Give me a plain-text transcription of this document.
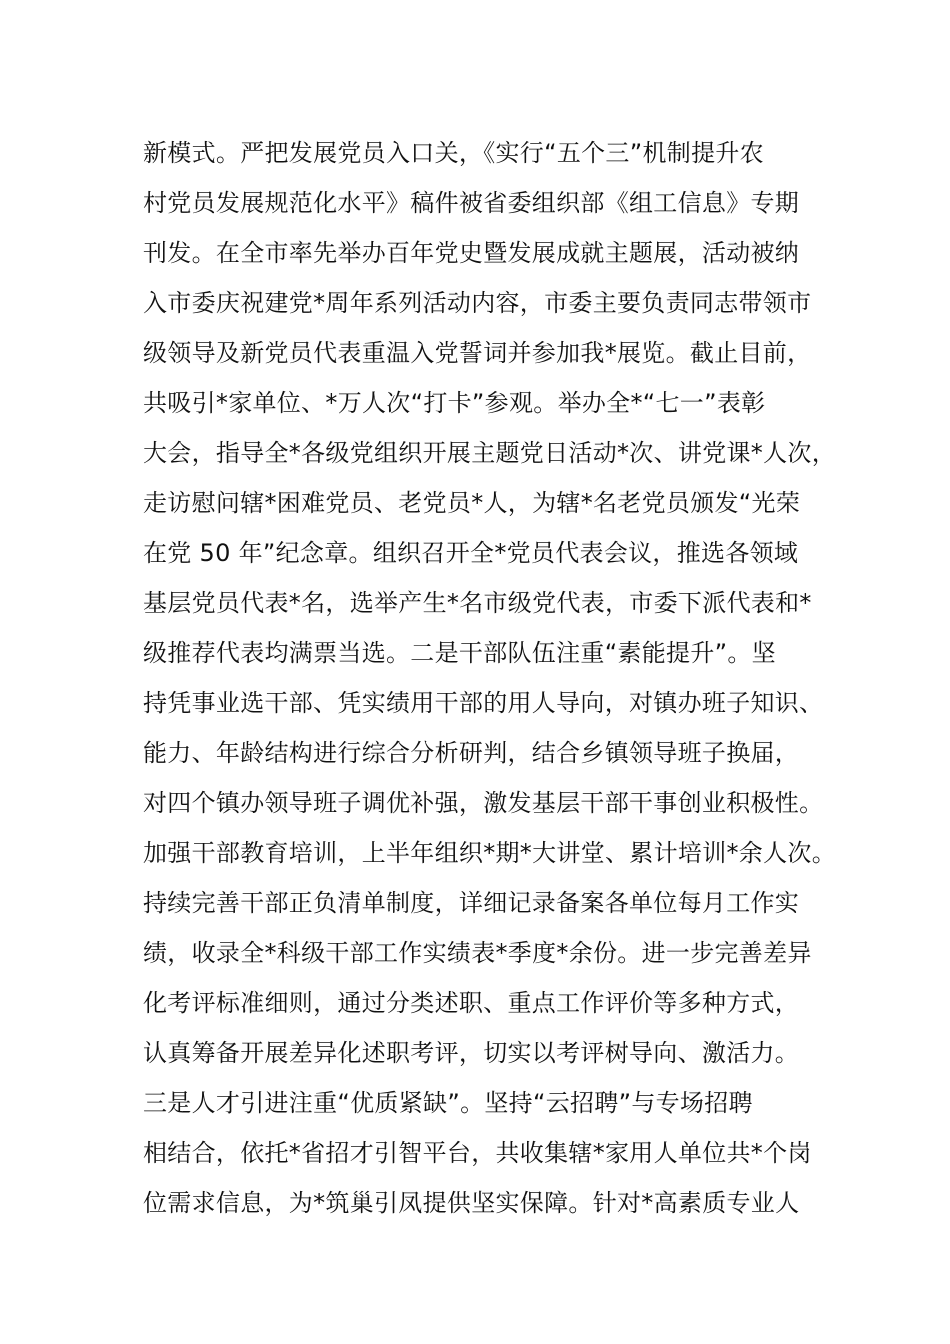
新模式。严把发展党员入口关，《实行“五个三”机制提升农
村党员发展规范化水平》稿件被省委组织部《组工信息》专期
刊发。在全市率先举办百年党史暨发展成就主题展，活动被纳
入市委庆祝建党*周年系列活动内容，市委主要负责同志带领市
级领导及新党员代表重温入党誓词并参加我*展览。截止目前，
共吸引*家单位、*万人次“打卡”参观。举办全*“七一”表彰
大会，指导全*各级党组织开展主题党日活动*次、讲党课*人次，
走访慰问辖*困难党员、老党员*人，为辖*名老党员颁发“光荣
在党 50 年”纪念章。组织召开全*党员代表会议，推选各领域
基层党员代表*名，选举产生*名市级党代表，市委下派代表和*
级推荐代表均满票当选。二是干部队伍注重“素能提升”。坚
持凭事业选干部、凭实绩用干部的用人导向，对镇办班子知识、
能力、年龄结构进行综合分析研判，结合乡镇领导班子换届，
对四个镇办领导班子调优补强，激发基层干部干事创业积极性。
加强干部教育培训，上半年组织*期*大讲堂、累计培训*余人次。
持续完善干部正负清单制度，详细记录备案各单位每月工作实
绩，收录全*科级干部工作实绩表*季度*余份。进一步完善差异
化考评标准细则，通过分类述职、重点工作评价等多种方式，
认真筹备开展差异化述职考评，切实以考评树导向、激活力。
三是人才引进注重“优质紧缺”。坚持“云招聘”与专场招聘
相结合，依托*省招才引智平台，共收集辖*家用人单位共*个岗
位需求信息，为*筑巢引凤提供坚实保障。针对*高素质专业人
